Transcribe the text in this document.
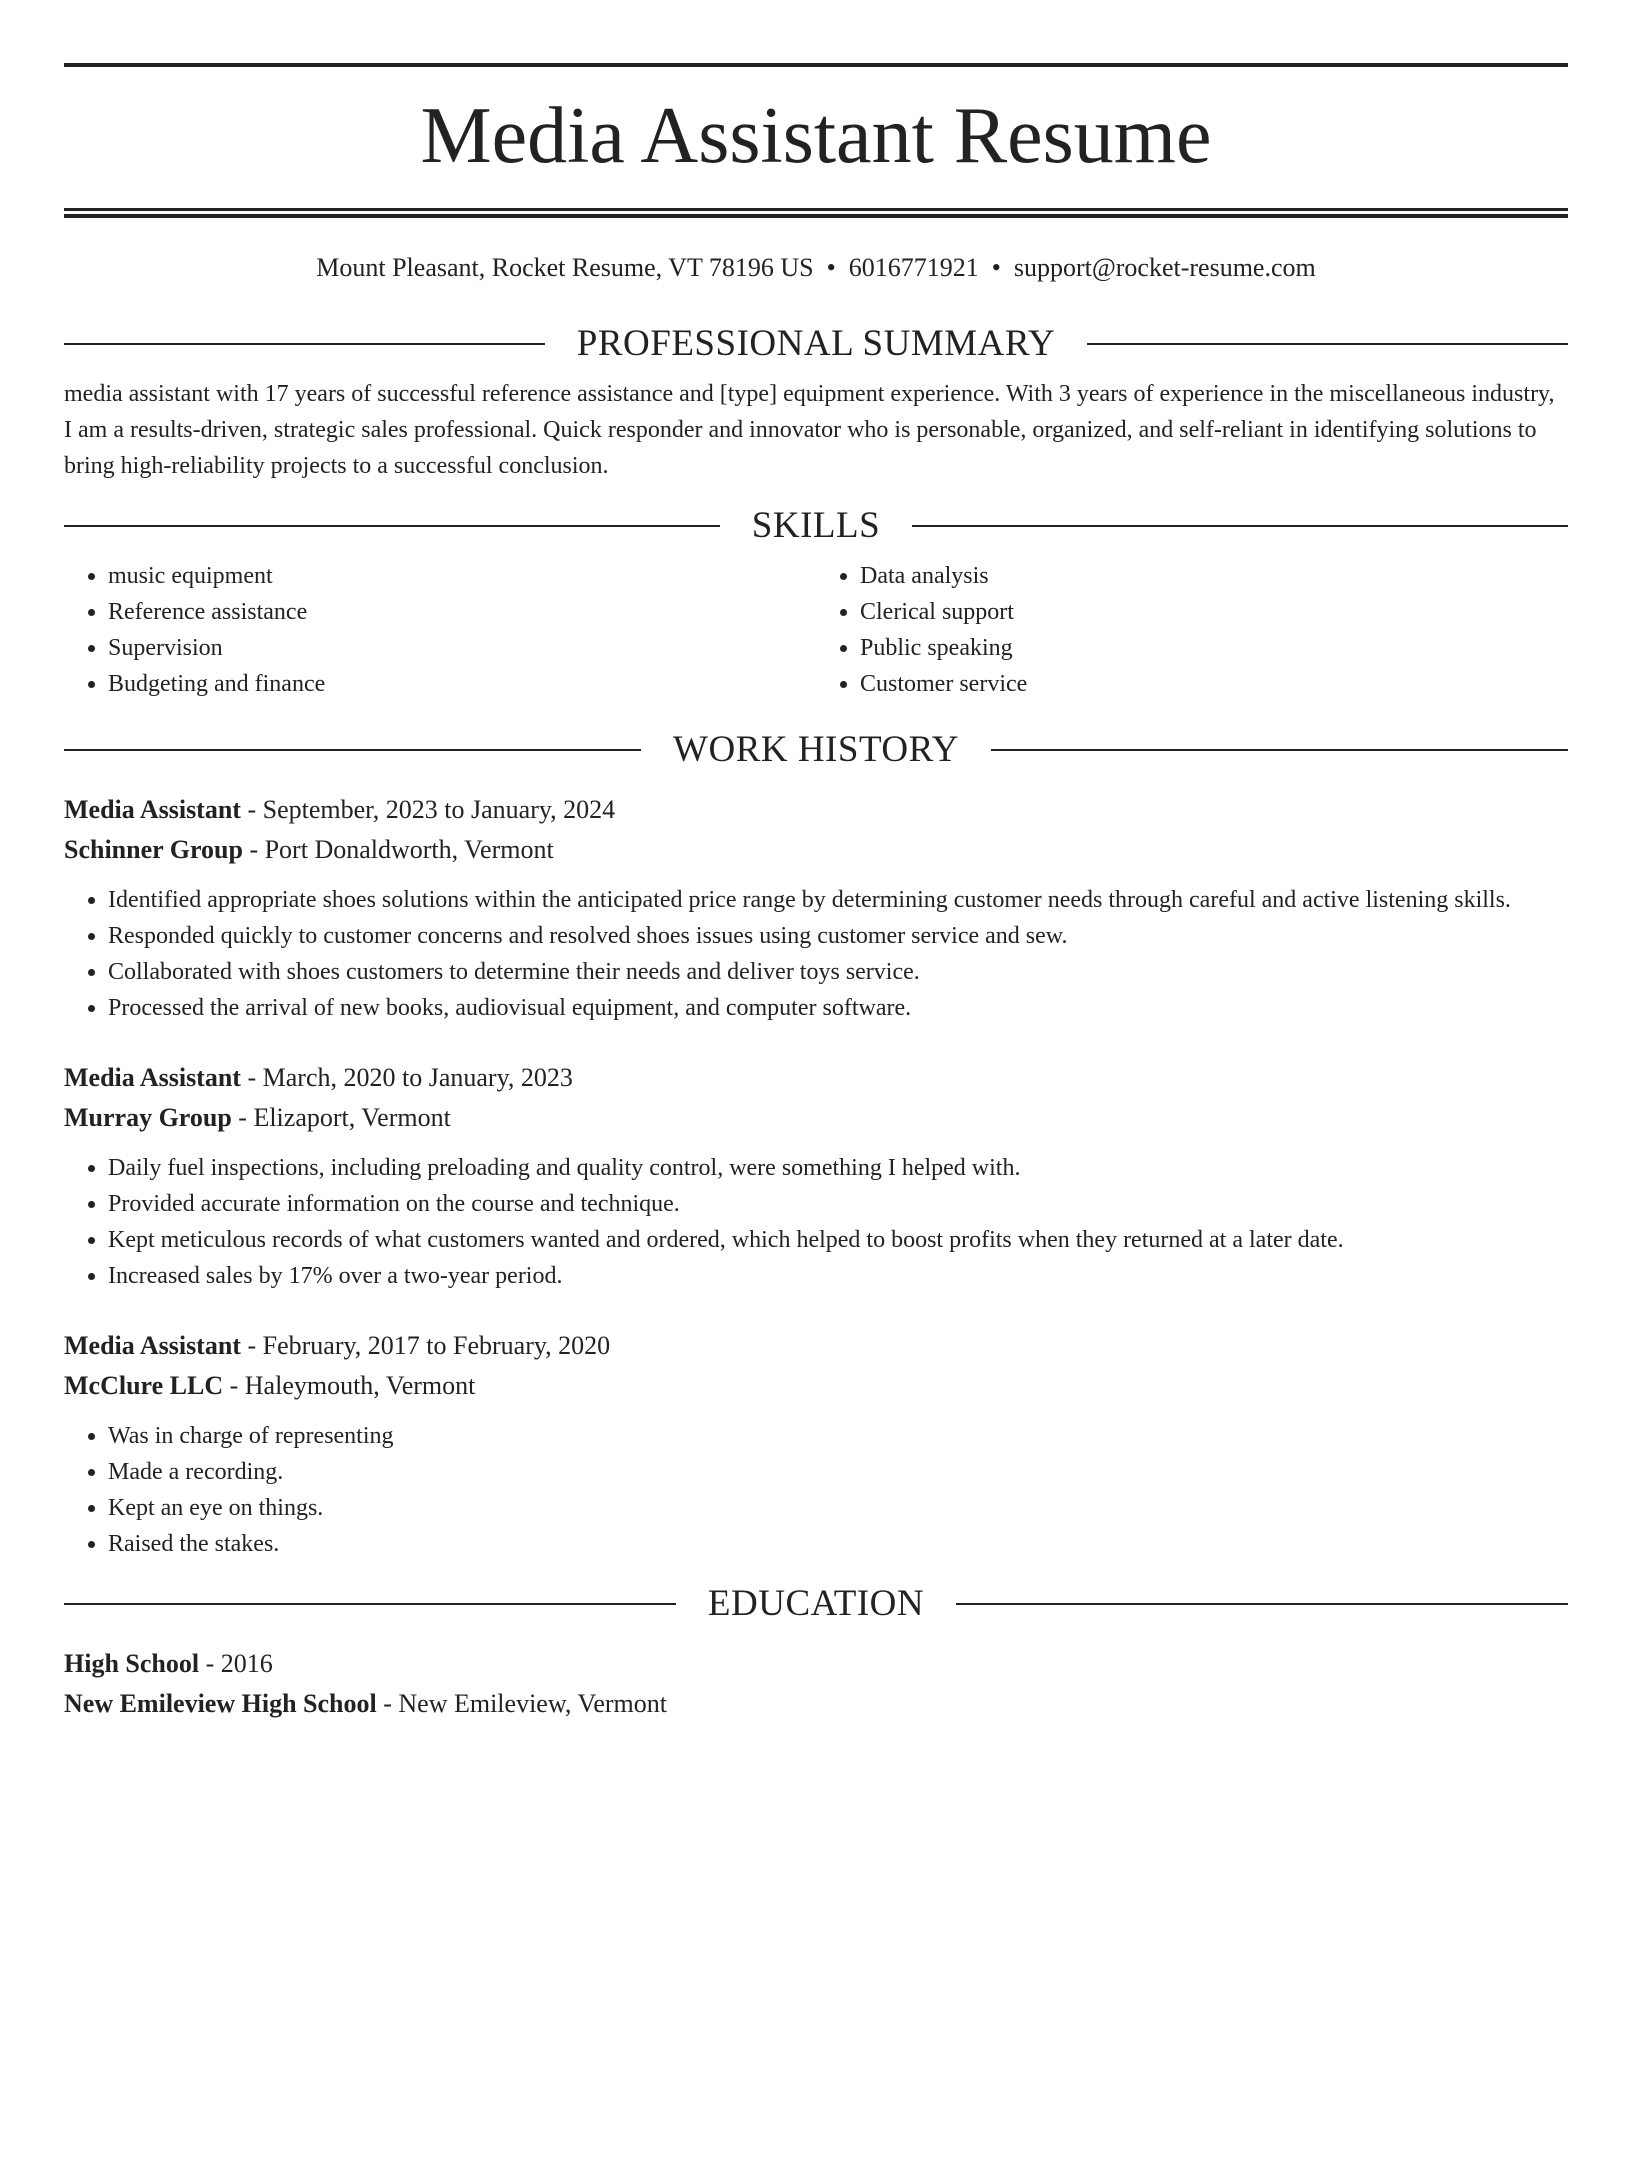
Media Assistant Resume
Mount Pleasant, Rocket Resume, VT 78196 US • 6016771921 • support@rocket-resume.com
PROFESSIONAL SUMMARY

media assistant with 17 years of successful reference assistance and [type] equipment experience. With 3 years of experience in the miscellaneous industry, I am a results-driven, strategic sales professional. Quick responder and innovator who is personable, organized, and self-reliant in identifying solutions to bring high-reliability projects to a successful conclusion.

SKILLS
• music equipment
• Reference assistance
• Supervision
• Budgeting and finance
• Data analysis
• Clerical support
• Public speaking
• Customer service
WORK HISTORY
Media Assistant - September, 2023 to January, 2024
Schinner Group - Port Donaldworth, Vermont
• Identified appropriate shoes solutions within the anticipated price range by determining customer needs through careful and active listening skills.
• Responded quickly to customer concerns and resolved shoes issues using customer service and sew.
• Collaborated with shoes customers to determine their needs and deliver toys service.
• Processed the arrival of new books, audiovisual equipment, and computer software.
Media Assistant - March, 2020 to January, 2023
Murray Group - Elizaport, Vermont
• Daily fuel inspections, including preloading and quality control, were something I helped with.
• Provided accurate information on the course and technique.
• Kept meticulous records of what customers wanted and ordered, which helped to boost profits when they returned at a later date.
• Increased sales by 17% over a two-year period.
Media Assistant - February, 2017 to February, 2020
McClure LLC - Haleymouth, Vermont
• Was in charge of representing
• Made a recording.
• Kept an eye on things.
• Raised the stakes.
EDUCATION
High School - 2016
New Emileview High School - New Emileview, Vermont
